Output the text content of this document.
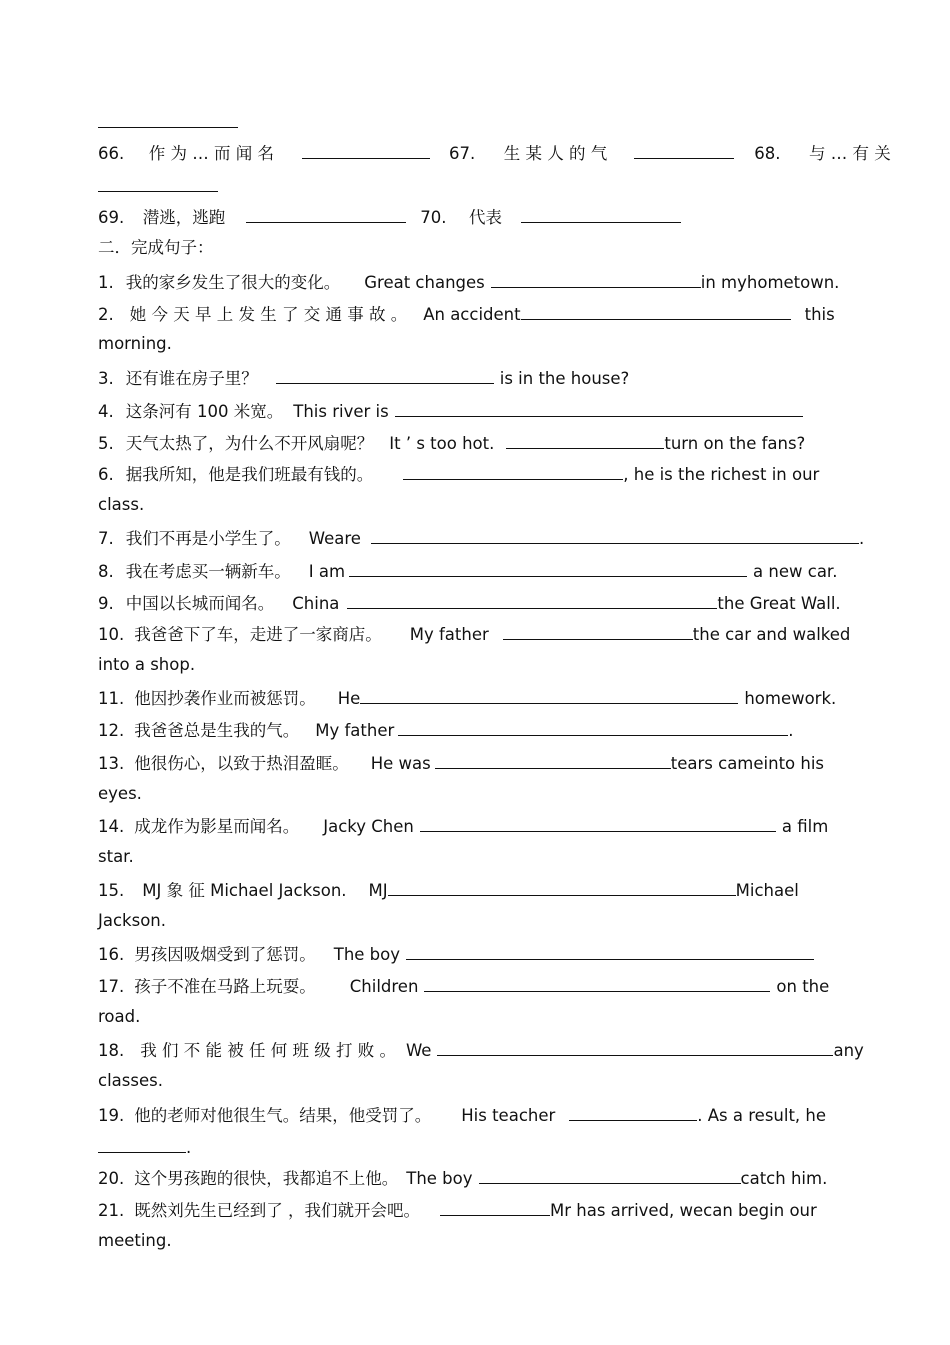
66. 作 为 … 而 闻 名	67. 生 某 人 的 气	68. 与 … 有 关
69. 潜逃，逃跑	70. 代表
二．完成句子：
1. 我的家乡发生了很大的变化。 Great changes	in myhometown.
2. 她 今 天 早 上 发 生 了 交 通 事 故 。 An accident	this
morning.
3. 还有谁在房子里？	is in the house?
4. 这条河有 100 米宽。 This river is
5. 天气太热了，为什么不开风扇呢？ It ’ s too hot.	turn on the fans?
6. 据我所知，他是我们班最有钱的。	, he is the richest in our
class.
7. 我们不再是小学生了。 Weare	.
8. 我在考虑买一辆新车。 I am	a new car.
9. 中国以长城而闻名。 China	the Great Wall.
10. 我爸爸下了车，走进了一家商店。 My father	the car and walked
into a shop.
11. 他因抄袭作业而被惩罚。 He	homework.
12. 我爸爸总是生我的气。 My father	.
13. 他很伤心，以致于热泪盈眶。 He was	tears cameinto his
eyes.
14. 成龙作为影星而闻名。 Jacky Chen	a film
star.
15. MJ 象 征 Michael Jackson. MJ	Michael
Jackson.
16. 男孩因吸烟受到了惩罚。 The boy
17. 孩子不准在马路上玩耍。 Children	on the
road.
18. 我 们 不 能 被 任 何 班 级 打 败 。 We	any
classes.
19. 他的老师对他很生气。结果，他受罚了。 His teacher	. As a result, he
.
20. 这个男孩跑的很快，我都追不上他。 The boy	catch him.
21. 既然刘先生已经到了 ，我们就开会吧。	Mr has arrived, wecan begin our
meeting.
